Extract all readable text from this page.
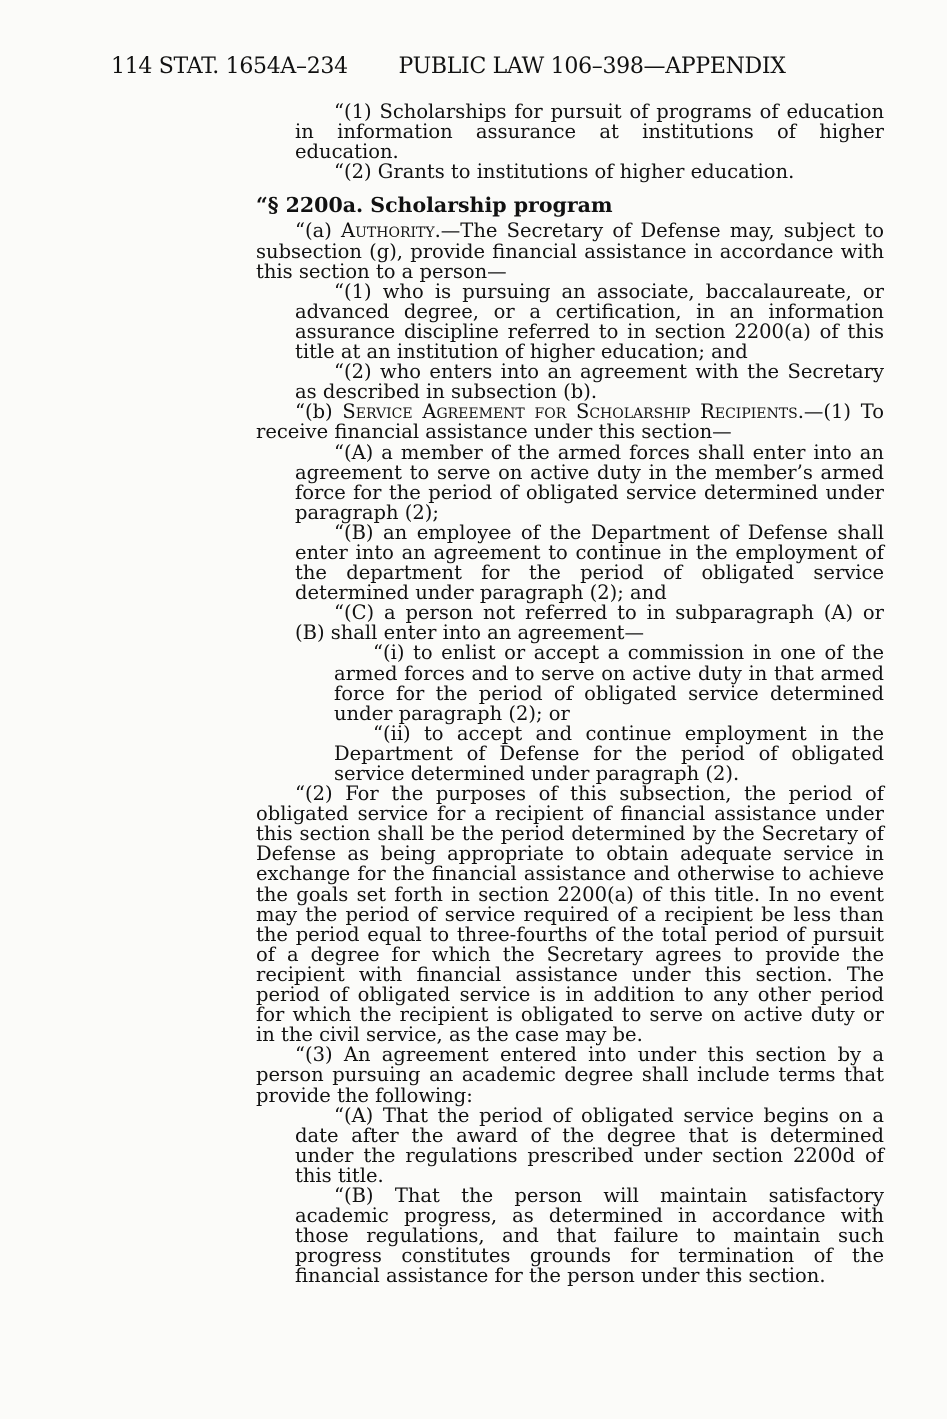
114 STAT. 1654A–234 PUBLIC LAW 106–398—APPENDIX

“(1) Scholarships for pursuit of programs of education in information assurance at institutions of higher education.

“(2) Grants to institutions of higher education.

“§ 2200a. Scholarship program

“(a) Authority.—The Secretary of Defense may, subject to subsection (g), provide financial assistance in accordance with this section to a person—

“(1) who is pursuing an associate, baccalaureate, or advanced degree, or a certification, in an information assurance discipline referred to in section 2200(a) of this title at an institution of higher education; and

“(2) who enters into an agreement with the Secretary as described in subsection (b).

“(b) Service Agreement for Scholarship Recipients.—(1) To receive financial assistance under this section—

“(A) a member of the armed forces shall enter into an agreement to serve on active duty in the member’s armed force for the period of obligated service determined under paragraph (2);

“(B) an employee of the Department of Defense shall enter into an agreement to continue in the employment of the department for the period of obligated service determined under paragraph (2); and

“(C) a person not referred to in subparagraph (A) or (B) shall enter into an agreement—

“(i) to enlist or accept a commission in one of the armed forces and to serve on active duty in that armed force for the period of obligated service determined under paragraph (2); or

“(ii) to accept and continue employment in the Department of Defense for the period of obligated service determined under paragraph (2).

“(2) For the purposes of this subsection, the period of obligated service for a recipient of financial assistance under this section shall be the period determined by the Secretary of Defense as being appropriate to obtain adequate service in exchange for the financial assistance and otherwise to achieve the goals set forth in section 2200(a) of this title. In no event may the period of service required of a recipient be less than the period equal to three-fourths of the total period of pursuit of a degree for which the Secretary agrees to provide the recipient with financial assistance under this section. The period of obligated service is in addition to any other period for which the recipient is obligated to serve on active duty or in the civil service, as the case may be.

“(3) An agreement entered into under this section by a person pursuing an academic degree shall include terms that provide the following:

“(A) That the period of obligated service begins on a date after the award of the degree that is determined under the regulations prescribed under section 2200d of this title.

“(B) That the person will maintain satisfactory academic progress, as determined in accordance with those regulations, and that failure to maintain such progress constitutes grounds for termination of the financial assistance for the person under this section.
